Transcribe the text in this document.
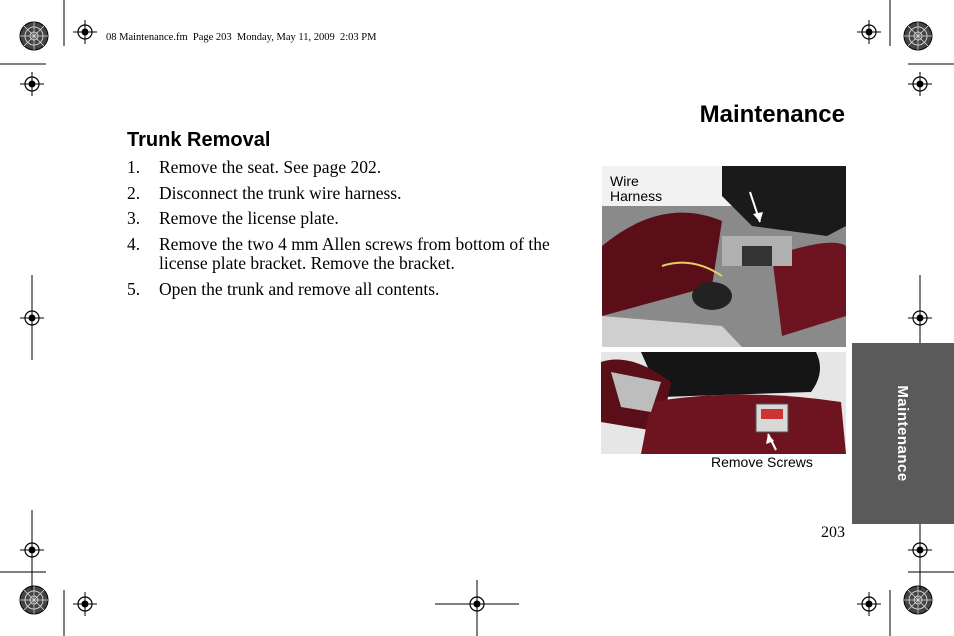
08 Maintenance.fm  Page 203  Monday, May 11, 2009  2:03 PM
Maintenance
Trunk Removal
1. Remove the seat. See page 202.
2. Disconnect the trunk wire harness.
3. Remove the license plate.
4. Remove the two 4 mm Allen screws from bottom of the license plate bracket. Remove the bracket.
5. Open the trunk and remove all contents.
Wire
Harness
Remove Screws	Maintenance
203
